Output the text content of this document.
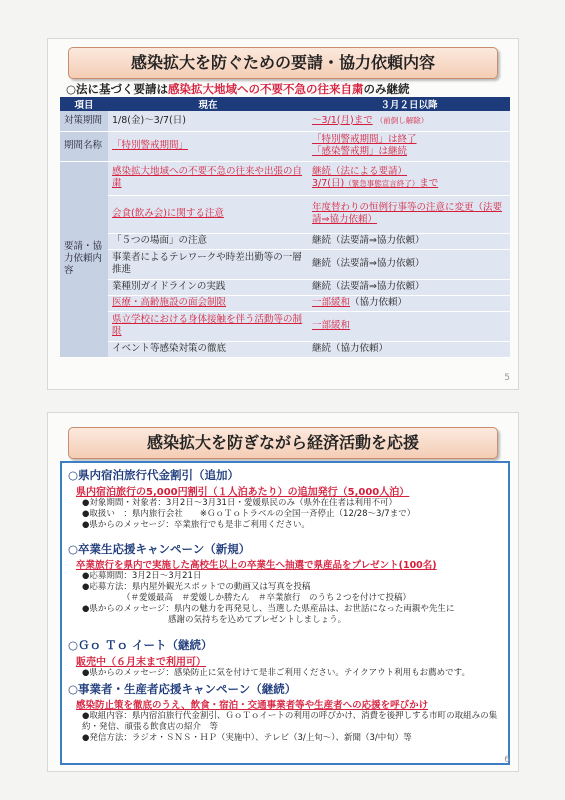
感染拡大を防ぐための要請・協力依頼内容
○法に基づく要請は感染拡大地域への不要不急の往来自粛のみ継続
項目	現在	３月２日以降
対策期間	1/8(金)～3/7(日)	～3/1(月)まで （前倒し解除）
期間名称	「特別警戒期間」	「特別警戒期間」は終了
「感染警戒期」は継続

要請・協力依頼内容	感染拡大地域への不要不急の往来や出張の自粛	継続（法による要請）
3/7(日)（緊急事態宣言終了）まで

	会食(飲み会)に関する注意	年度替わりの恒例行事等の注意に変更（法要請⇒協力依頼）
	「５つの場面」の注意	継続（法要請⇒協力依頼）
	事業者によるテレワークや時差出勤等の一層推進	継続（法要請⇒協力依頼）
	業種別ガイドラインの実践	継続（法要請⇒協力依頼）
	医療・高齢施設の面会制限	一部緩和（協力依頼）
	県立学校における身体接触を伴う活動等の制限	一部緩和
	イベント等感染対策の徹底	継続（協力依頼）
5
感染拡大を防ぎながら経済活動を応援
○県内宿泊旅行代金割引（追加）
県内宿泊旅行の5,000円割引（１人泊あたり）の追加発行（5,000人泊）
●対象期間・対象者：3月2日～3月31日・愛媛県民のみ（県外在住者は利用不可）
●取扱い　：県内旅行会社　　※ＧｏＴｏトラベルの全国一斉停止（12/28～3/7まで）
●県からのメッセージ：卒業旅行でも是非ご利用ください。
○卒業生応援キャンペーン（新規）
卒業旅行を県内で実施した高校生以上の卒業生へ抽選で県産品をプレゼント(100名)
●応募期間：3月2日～3月21日
●応募方法：県内屋外観光スポットでの動画又は写真を投稿
（＃愛媛最高　＃愛媛しか勝たん　＃卒業旅行　のうち２つを付けて投稿）
●県からのメッセージ：県内の魅力を再発見し、当選した県産品は、お世話になった両親や先生に
感謝の気持ちを込めてプレゼントしましょう。
○Ｇｏ Ｔｏ イート（継続）
販売中（６月末まで利用可）
●県からのメッセージ：感染防止に気を付けて是非ご利用ください。テイクアウト利用もお薦めです。
○事業者・生産者応援キャンペーン（継続）
感染防止策を徹底のうえ、飲食・宿泊・交通事業者等や生産者への応援を呼びかけ
●取組内容：県内宿泊旅行代金割引、ＧｏＴｏイートの利用の呼びかけ、消費を後押しする市町の取組みの集約・発信、頑張る飲食店の紹介　等
●発信方法：ラジオ・ＳＮＳ・ＨＰ（実施中）、テレビ（3/上旬～）、新聞（3/中旬）等
6
